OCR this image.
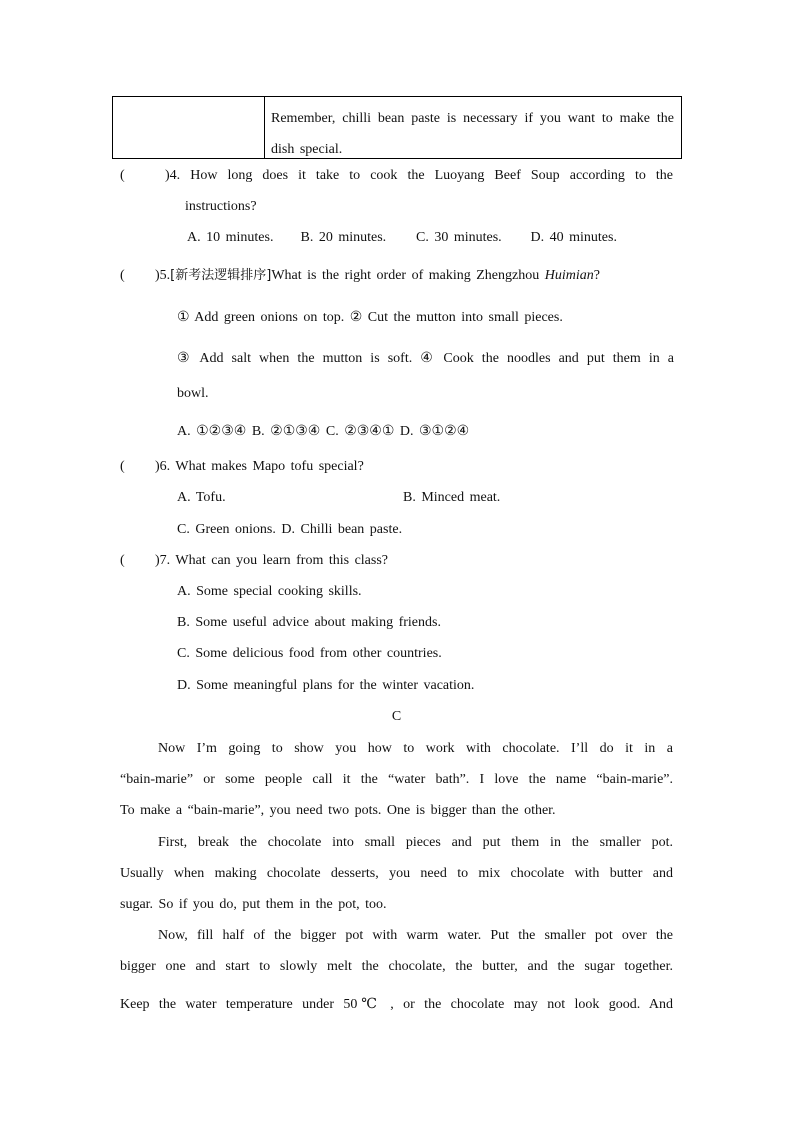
Remember, chilli bean paste is necessary if you want to make the dish special.
(	)4. How long does it take to cook the Luoyang Beef Soup according to the
instructions?
A. 10 minutes. B. 20 minutes. C. 30 minutes. D. 40 minutes.
( )5.[新考法逻辑排序]What is the right order of making Zhengzhou Huimian?
① Add green onions on top. ② Cut the mutton into small pieces.
③ Add salt when the mutton is soft. ④ Cook the noodles and put them in a
bowl.
A. ①②③④ B. ②①③④ C. ②③④① D. ③①②④
( )6. What makes Mapo tofu special?
A. Tofu.	B. Minced meat.
C. Green onions. D. Chilli bean paste.
( )7. What can you learn from this class?
A. Some special cooking skills.
B. Some useful advice about making friends.
C. Some delicious food from other countries.
D. Some meaningful plans for the winter vacation.
C
Now I’m going to show you how to work with chocolate. I’ll do it in a
“bain-marie” or some people call it the “water bath”. I love the name “bain-marie”.
To make a “bain-marie”, you need two pots. One is bigger than the other.
First, break the chocolate into small pieces and put them in the smaller pot.
Usually when making chocolate desserts, you need to mix chocolate with butter and
sugar. So if you do, put them in the pot, too.
Now, fill half of the bigger pot with warm water. Put the smaller pot over the
bigger one and start to slowly melt the chocolate, the butter, and the sugar together.
Keep the water temperature under 50℃ , or the chocolate may not look good. And
